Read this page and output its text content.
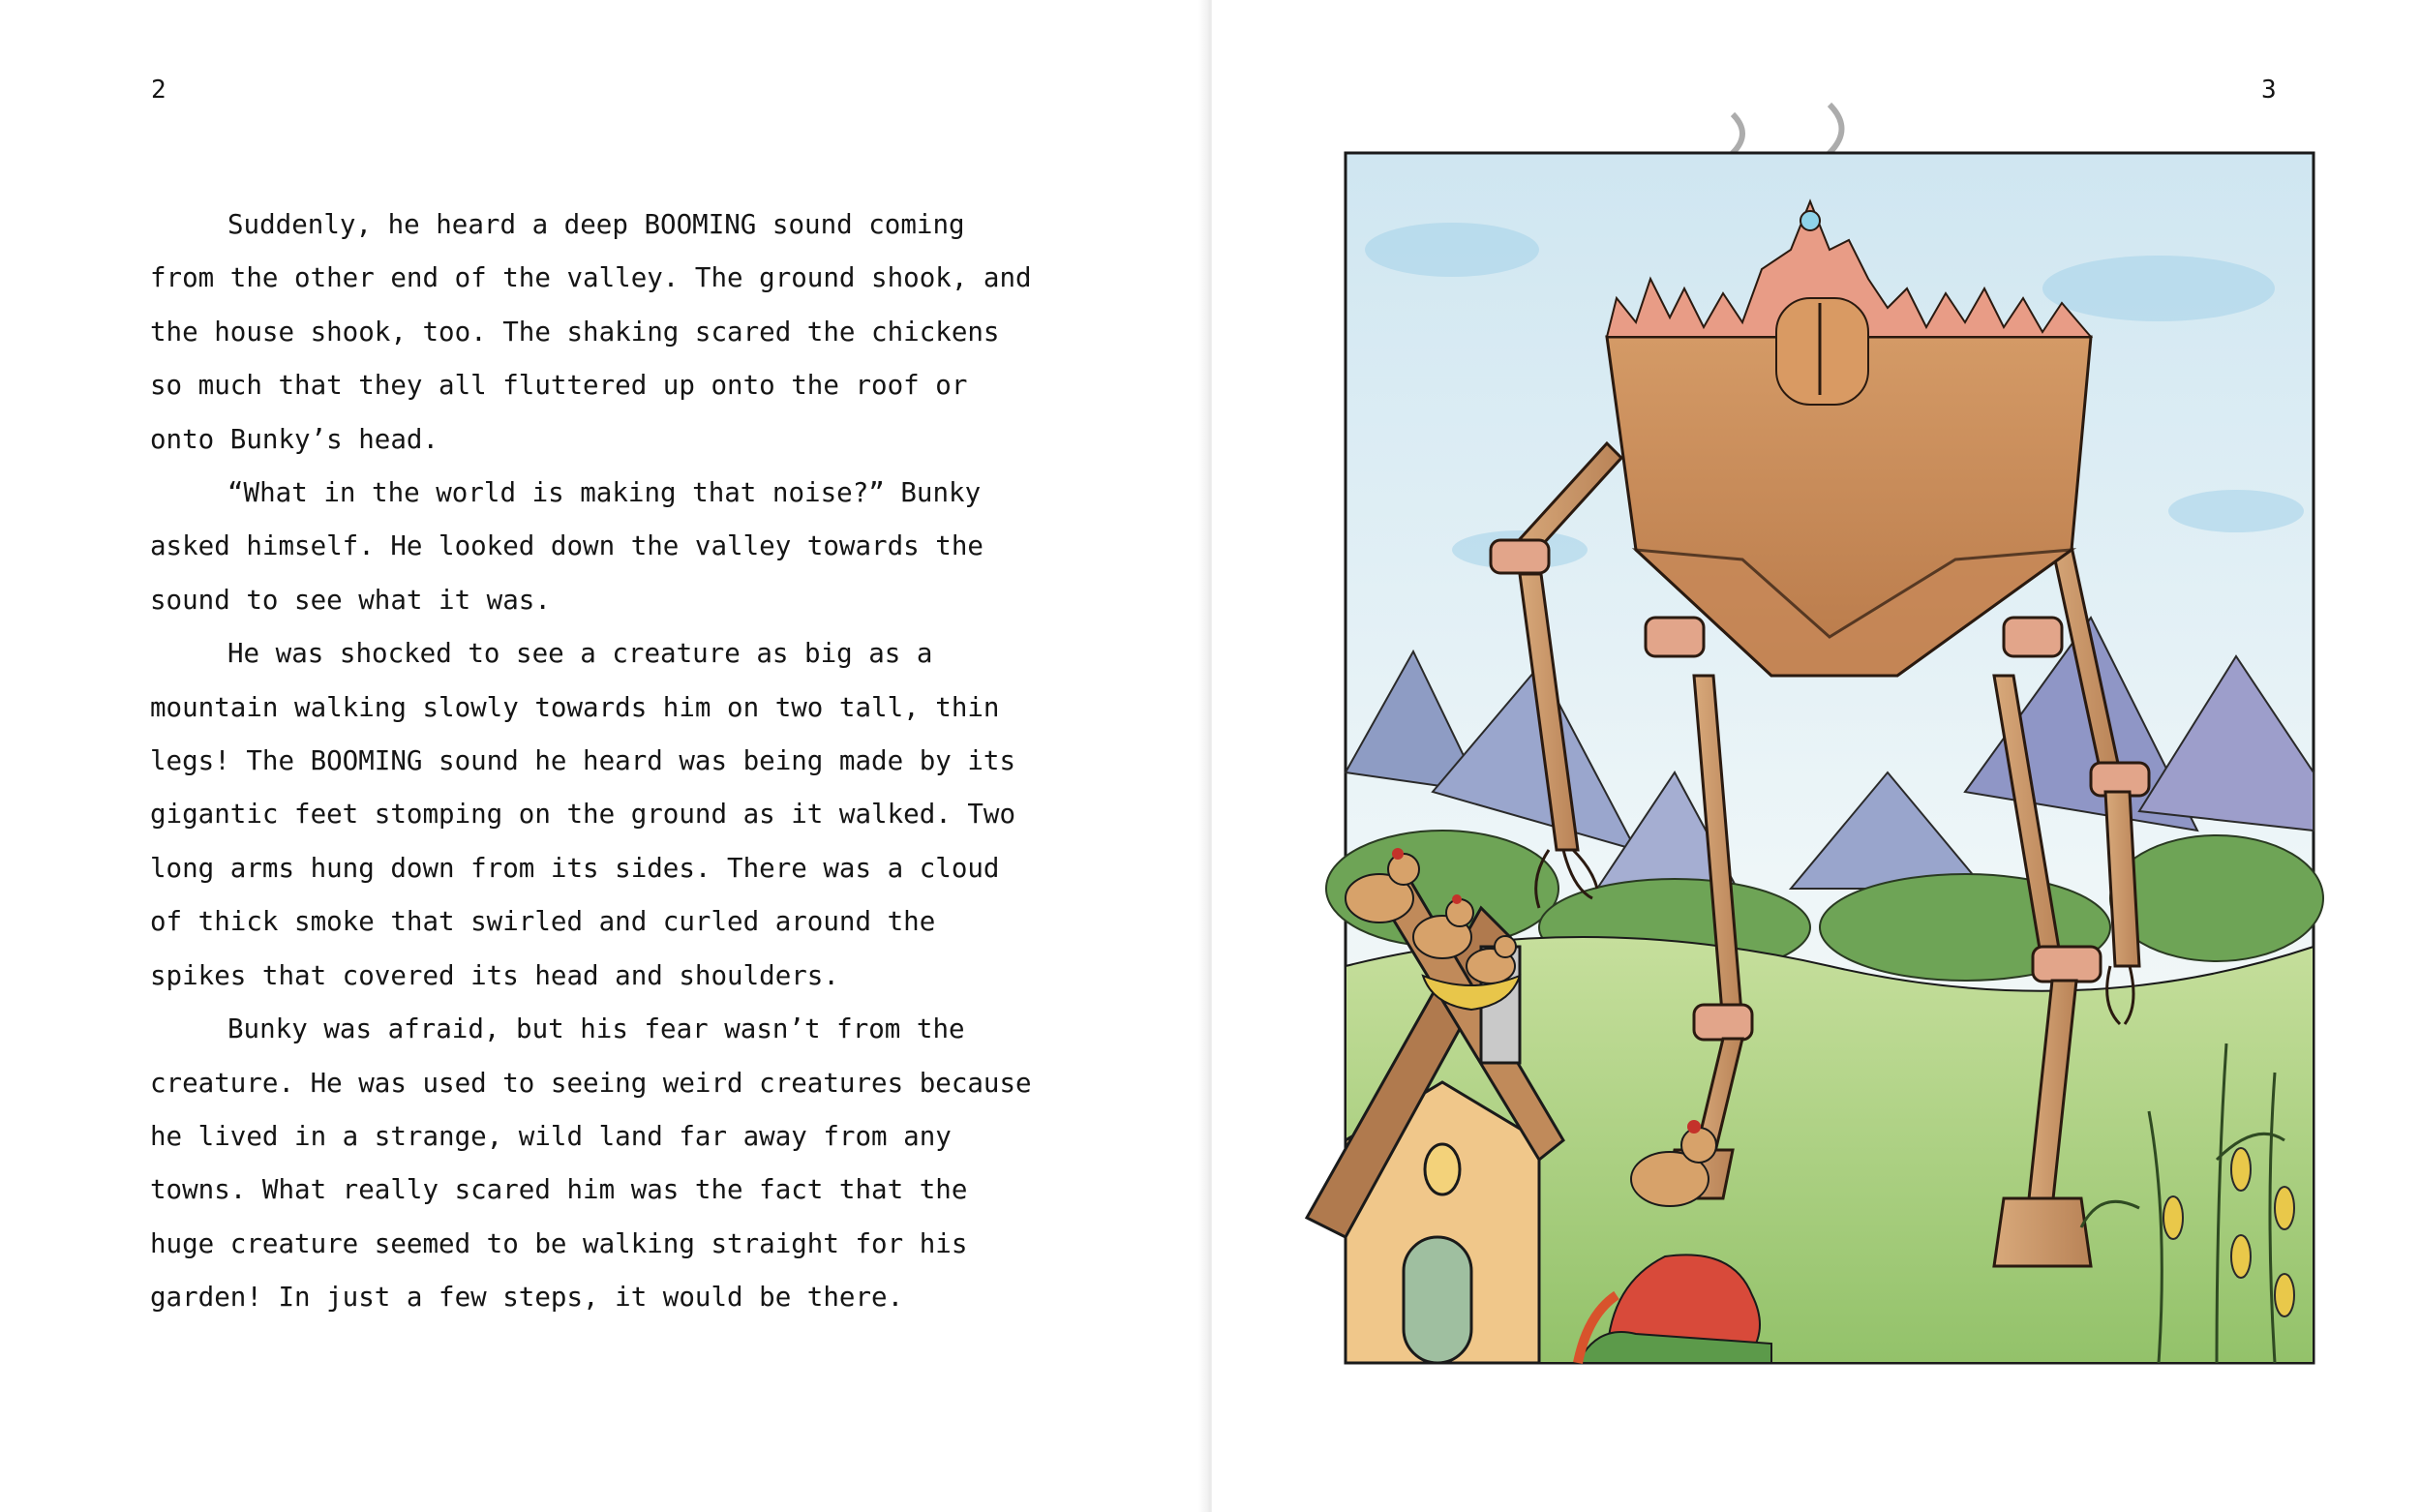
2

Suddenly, he heard a deep BOOMING sound coming from the other end of the valley. The ground shook, and the house shook, too. The shaking scared the chickens so much that they all fluttered up onto the roof or onto Bunky’s head.

“What in the world is making that noise?” Bunky asked himself. He looked down the valley towards the sound to see what it was.

He was shocked to see a creature as big as a mountain walking slowly towards him on two tall, thin legs! The BOOMING sound he heard was being made by its gigantic feet stomping on the ground as it walked. Two long arms hung down from its sides. There was a cloud of thick smoke that swirled and curled around the spikes that covered its head and shoulders.

Bunky was afraid, but his fear wasn’t from the creature. He was used to seeing weird creatures because he lived in a strange, wild land far away from any towns. What really scared him was the fact that the huge creature seemed to be walking straight for his garden! In just a few steps, it would be there.

3
